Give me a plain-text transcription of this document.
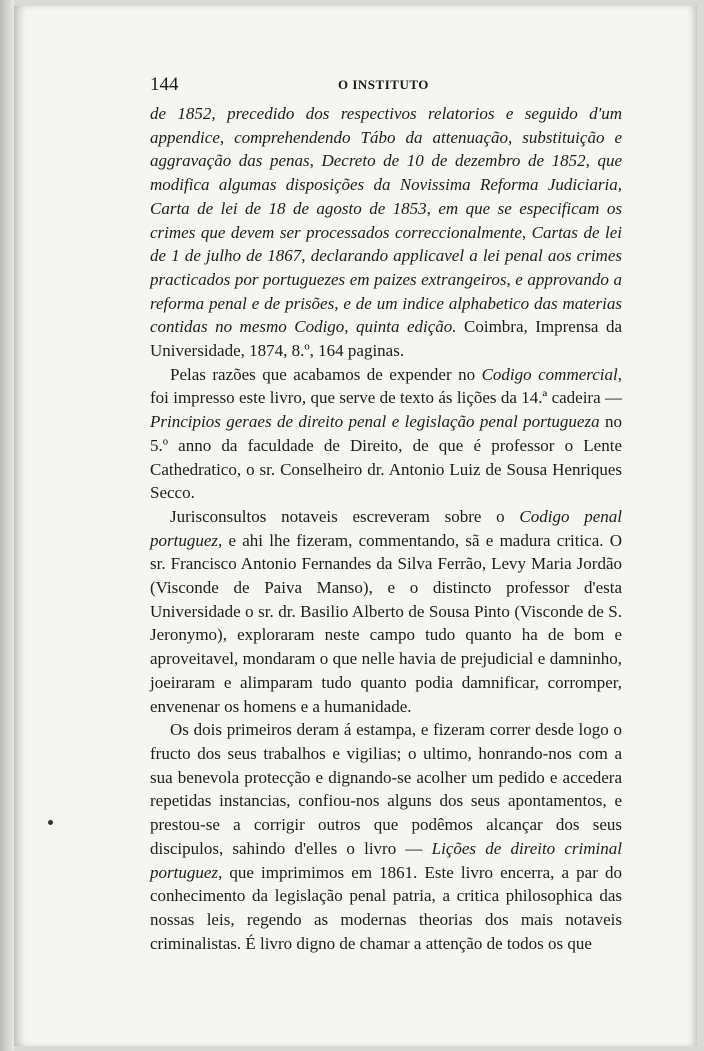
144	O INSTITUTO

de 1852, precedido dos respectivos relatorios e seguido d'um appendice, comprehendendo Tábo da attenuação, substituição e aggravação das penas, Decreto de 10 de dezembro de 1852, que modifica algumas disposições da Novissima Reforma Judiciaria, Carta de lei de 18 de agosto de 1853, em que se especificam os crimes que devem ser processados correccionalmente, Cartas de lei de 1 de julho de 1867, declarando applicavel a lei penal aos crimes practicados por portuguezes em paizes extrangeiros, e approvando a reforma penal e de prisões, e de um indice alphabetico das materias contidas no mesmo Codigo, quinta edição. Coimbra, Imprensa da Universidade, 1874, 8.º, 164 paginas.

Pelas razões que acabamos de expender no Codigo commercial, foi impresso este livro, que serve de texto ás lições da 14.ª cadeira — Principios geraes de direito penal e legislação penal portugueza no 5.º anno da faculdade de Direito, de que é professor o Lente Cathedratico, o sr. Conselheiro dr. Antonio Luiz de Sousa Henriques Secco.

Jurisconsultos notaveis escreveram sobre o Codigo penal portuguez, e ahi lhe fizeram, commentando, sã e madura critica. O sr. Francisco Antonio Fernandes da Silva Ferrão, Levy Maria Jordão (Visconde de Paiva Manso), e o distincto professor d'esta Universidade o sr. dr. Basilio Alberto de Sousa Pinto (Visconde de S. Jeronymo), exploraram neste campo tudo quanto ha de bom e aproveitavel, mondaram o que nelle havia de prejudicial e damninho, joeiraram e alimparam tudo quanto podia damnificar, corromper, envenenar os homens e a humanidade.

Os dois primeiros deram á estampa, e fizeram correr desde logo o fructo dos seus trabalhos e vigilias; o ultimo, honrando-nos com a sua benevola protecção e dignando-se acolher um pedido e accedera repetidas instancias, confiou-nos alguns dos seus apontamentos, e prestou-se a corrigir outros que podêmos alcançar dos seus discipulos, sahindo d'elles o livro — Lições de direito criminal portuguez, que imprimimos em 1861. Este livro encerra, a par do conhecimento da legislação penal patria, a critica philosophica das nossas leis, regendo as modernas theorias dos mais notaveis criminalistas. É livro digno de chamar a attenção de todos os que
